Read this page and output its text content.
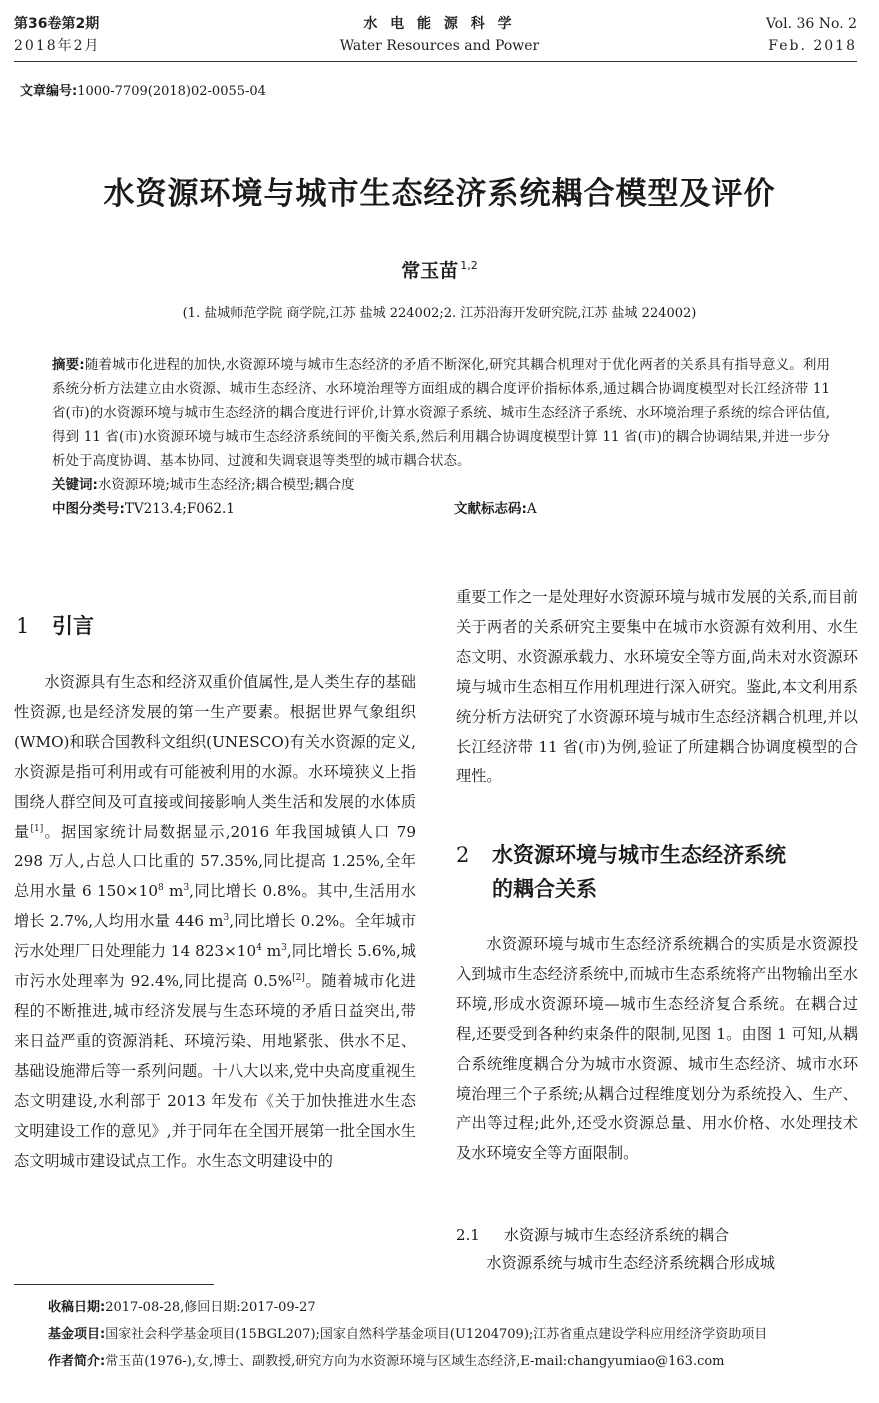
第36卷第2期
2018年2月
水 电 能 源 科 学
Water Resources and Power
Vol. 36 No. 2
Feb. 2018
文章编号:1000-7709(2018)02-0055-04
水资源环境与城市生态经济系统耦合模型及评价
常玉苗 $^{1,2}$
(1. 盐城师范学院 商学院,江苏 盐城 224002;2. 江苏沿海开发研究院,江苏 盐城 224002)
摘要:随着城市化进程的加快,水资源环境与城市生态经济的矛盾不断深化,研究其耦合机理对于优化两者的关系具有指导意义。利用系统分析方法建立由水资源、城市生态经济、水环境治理等方面组成的耦合度评价指标体系,通过耦合协调度模型对长江经济带 11 省(市)的水资源环境与城市生态经济的耦合度进行评价,计算水资源子系统、城市生态经济子系统、水环境治理子系统的综合评估值,得到 11 省(市)水资源环境与城市生态经济系统间的平衡关系,然后利用耦合协调度模型计算 11 省(市)的耦合协调结果,并进一步分析处于高度协调、基本协同、过渡和失调衰退等类型的城市耦合状态。
关键词:水资源环境;城市生态经济;耦合模型;耦合度
中图分类号:TV213.4;F062.1	文献标志码:A
1 引言

水资源具有生态和经济双重价值属性,是人类生存的基础性资源,也是经济发展的第一生产要素。根据世界气象组织(WMO)和联合国教科文组织(UNESCO)有关水资源的定义,水资源是指可利用或有可能被利用的水源。水环境狭义上指围绕人群空间及可直接或间接影响人类生活和发展的水体质量[1]。据国家统计局数据显示,2016 年我国城镇人口 79 298 万人,占总人口比重的 57.35%,同比提高 1.25%,全年总用水量 6 $150\times 10^8$ $m^3$,同比增长 0.8%。其中,生活用水增长 2.7%,人均用水量 446 $m^3$,同比增长 0.2%。全年城市污水处理厂日处理能力 14 $823\times 10^4$ $m^3$,同比增长 5.6%,城市污水处理率为 92.4%,同比提高 0.5%[2]。随着城市化进程的不断推进,城市经济发展与生态环境的矛盾日益突出,带来日益严重的资源消耗、环境污染、用地紧张、供水不足、基础设施滞后等一系列问题。十八大以来,党中央高度重视生态文明建设,水利部于 2013 年发布《关于加快推进水生态文明建设工作的意见》,并于同年在全国开展第一批全国水生态文明城市建设试点工作。水生态文明建设中的

重要工作之一是处理好水资源环境与城市发展的关系,而目前关于两者的关系研究主要集中在城市水资源有效利用、水生态文明、水资源承载力、水环境安全等方面,尚未对水资源环境与城市生态相互作用机理进行深入研究。鉴此,本文利用系统分析方法研究了水资源环境与城市生态经济耦合机理,并以长江经济带 11 省(市)为例,验证了所建耦合协调度模型的合理性。

2 水资源环境与城市生态经济系统
的耦合关系

水资源环境与城市生态经济系统耦合的实质是水资源投入到城市生态经济系统中,而城市生态系统将产出物输出至水环境,形成水资源环境—城市生态经济复合系统。在耦合过程,还要受到各种约束条件的限制,见图 1。由图 1 可知,从耦合系统维度耦合分为城市水资源、城市生态经济、城市水环境治理三个子系统;从耦合过程维度划分为系统投入、生产、产出等过程;此外,还受水资源总量、用水价格、水处理技术及水环境安全等方面限制。

2.1 水资源与城市生态经济系统的耦合

水资源系统与城市生态经济系统耦合形成城

收稿日期:2017-08-28,修回日期:2017-09-27

基金项目:国家社会科学基金项目(15BGL207);国家自然科学基金项目(U1204709);江苏省重点建设学科应用经济学资助项目

作者简介:常玉苗(1976-),女,博士、副教授,研究方向为水资源环境与区域生态经济,E-mail:changyumiao@163.com
